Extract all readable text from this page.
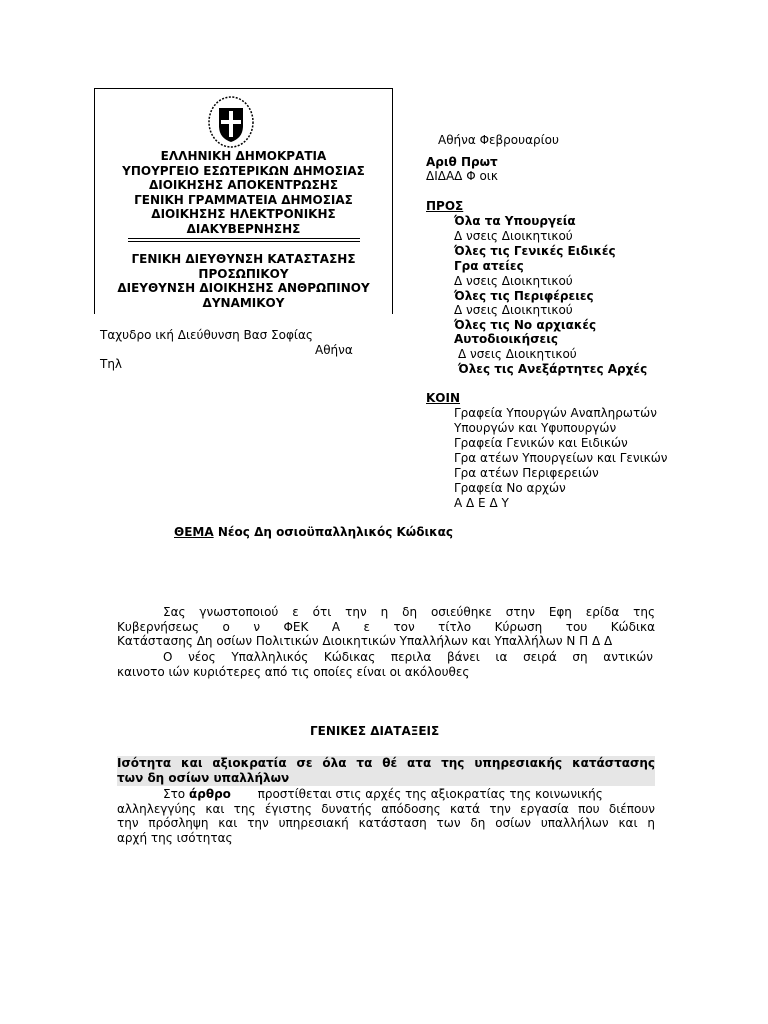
ΕΛΛΗΝΙΚΗ ΔΗΜΟΚΡΑΤΙΑ
ΥΠΟΥΡΓΕΙΟ ΕΣΩΤΕΡΙΚΩΝ ΔΗΜΟΣΙΑΣ
ΔΙΟΙΚΗΣΗΣ ΑΠΟΚΕΝΤΡΩΣΗΣ
ΓΕΝΙΚΗ ΓΡΑΜΜΑΤΕΙΑ ΔΗΜΟΣΙΑΣ
ΔΙΟΙΚΗΣΗΣ ΗΛΕΚΤΡΟΝΙΚΗΣ
ΔΙΑΚΥΒΕΡΝΗΣΗΣ
ΓΕΝΙΚΗ ΔΙΕΥΘΥΝΣΗ ΚΑΤΑΣΤΑΣΗΣ
ΠΡΟΣΩΠΙΚΟΥ
ΔΙΕΥΘΥΝΣΗ ΔΙΟΙΚΗΣΗΣ ΑΝΘΡΩΠΙΝΟΥ
ΔΥΝΑΜΙΚΟΥ
Ταχυδρο ική Διεύθυνση Βασ Σοφίας
Αθήνα
Τηλ
Αθήνα Φεβρουαρίου
Αριθ Πρωτ
ΔΙΔΑΔ Φ οικ
ΠΡΟΣ
Όλα τα Υπουργεία
Δ νσεις Διοικητικού
Όλες τις Γενικές Ειδικές
Γρα ατείες
Δ νσεις Διοικητικού
Όλες τις Περιφέρειες
Δ νσεις Διοικητικού
Όλες τις Νο αρχιακές
Αυτοδιοικήσεις
Δ νσεις Διοικητικού
Όλες τις Ανεξάρτητες Αρχές
ΚΟΙΝ
Γραφεία Υπουργών Αναπληρωτών
Υπουργών και Υφυπουργών
Γραφεία Γενικών και Ειδικών
Γρα ατέων Υπουργείων και Γενικών
Γρα ατέων Περιφερειών
Γραφεία Νο αρχών
Α Δ Ε Δ Υ
ΘΕΜΑ Νέος Δη οσιοϋπαλληλικός Κώδικας
Σας γνωστοποιού ε ότι την η δη οσιεύθηκε στην Εφη ερίδα της
Κυβερνήσεως ο ν ΦΕΚ Α ε τον τίτλο Κύρωση του Κώδικα
Κατάστασης Δη οσίων Πολιτικών Διοικητικών Υπαλλήλων και Υπαλλήλων Ν Π Δ Δ
Ο νέος Υπαλληλικός Κώδικας περιλα βάνει ια σειρά ση αντικών
καινοτο ιών κυριότερες από τις οποίες είναι οι ακόλουθες
ΓΕΝΙΚΕΣ ΔΙΑΤΑΞΕΙΣ
Ισότητα και αξιοκρατία σε όλα τα θέ ατα της υπηρεσιακής κατάστασης
των δη οσίων υπαλλήλων
Στο άρθρο προστίθεται στις αρχές της αξιοκρατίας της κοινωνικής
αλληλεγγύης και της έγιστης δυνατής απόδοσης κατά την εργασία που διέπουν
την πρόσληψη και την υπηρεσιακή κατάσταση των δη οσίων υπαλλήλων και η
αρχή της ισότητας
